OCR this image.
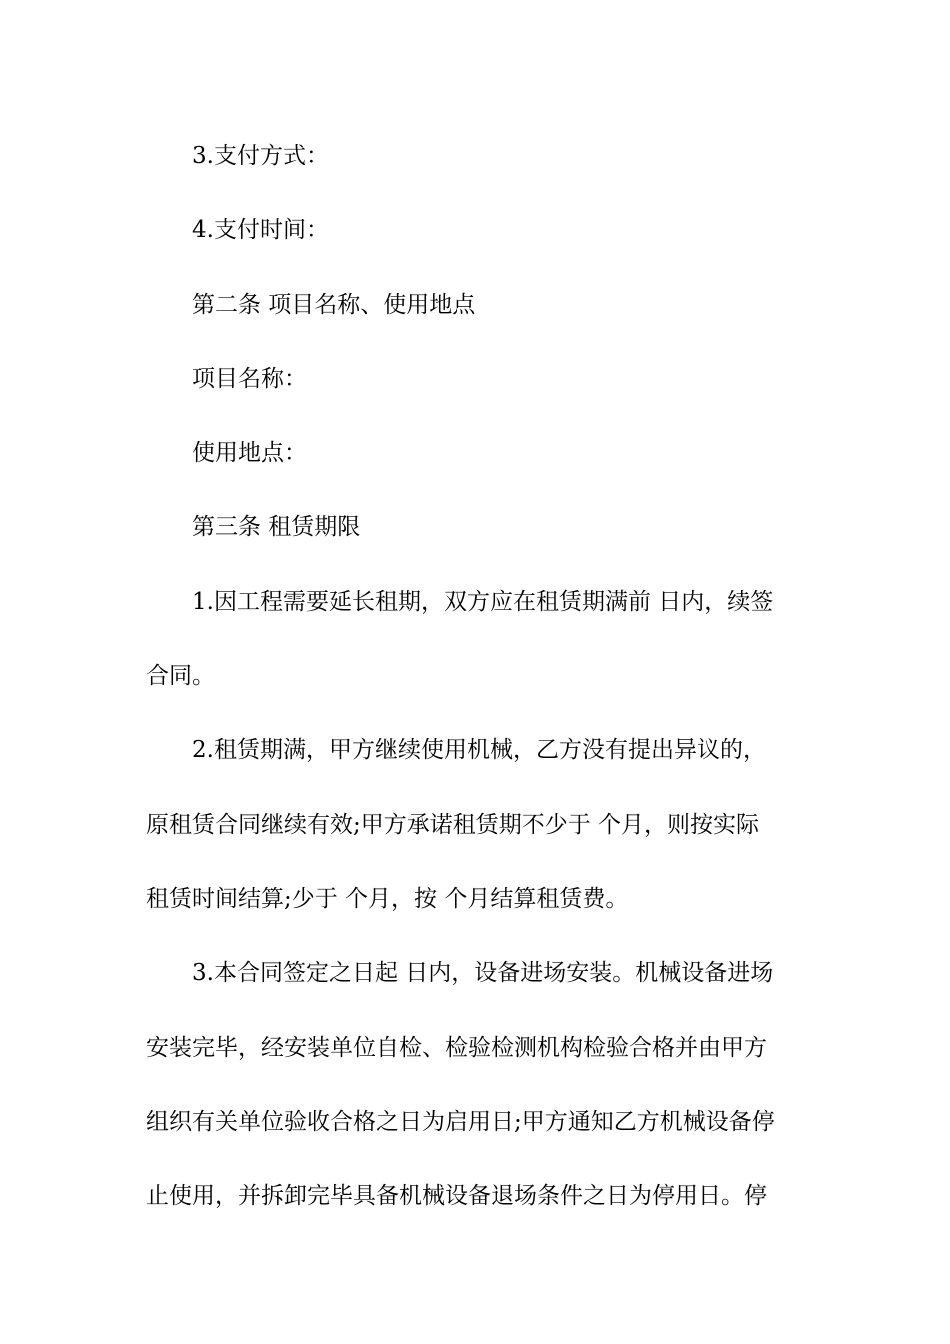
3.支付方式：

4.支付时间：

第二条 项目名称、使用地点

项目名称：

使用地点：

第三条 租赁期限

1.因工程需要延长租期，双方应在租赁期满前 日内，续签
合同。

2.租赁期满，甲方继续使用机械，乙方没有提出异议的，
原租赁合同继续有效;甲方承诺租赁期不少于 个月，则按实际
租赁时间结算;少于 个月，按 个月结算租赁费。

3.本合同签定之日起 日内，设备进场安装。机械设备进场
安装完毕，经安装单位自检、检验检测机构检验合格并由甲方
组织有关单位验收合格之日为启用日;甲方通知乙方机械设备停
止使用，并拆卸完毕具备机械设备退场条件之日为停用日。停
